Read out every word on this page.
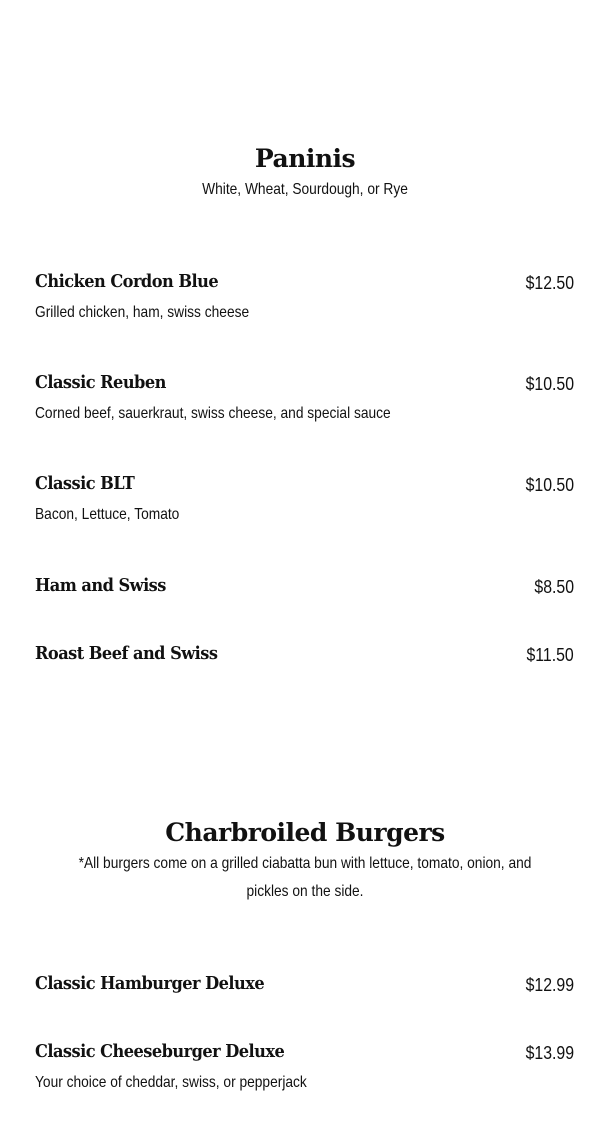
Paninis

White, Wheat, Sourdough, or Rye

Chicken Cordon Blue	$12.50
Grilled chicken, ham, swiss cheese
Classic Reuben	$10.50
Corned beef, sauerkraut, swiss cheese, and special sauce
Classic BLT	$10.50
Bacon, Lettuce, Tomato
Ham and Swiss	$8.50
Roast Beef and Swiss	$11.50
Charbroiled Burgers

*All burgers come on a grilled ciabatta bun with lettuce, tomato, onion, and pickles on the side.

Classic Hamburger Deluxe	$12.99
Classic Cheeseburger Deluxe	$13.99
Your choice of cheddar, swiss, or pepperjack
